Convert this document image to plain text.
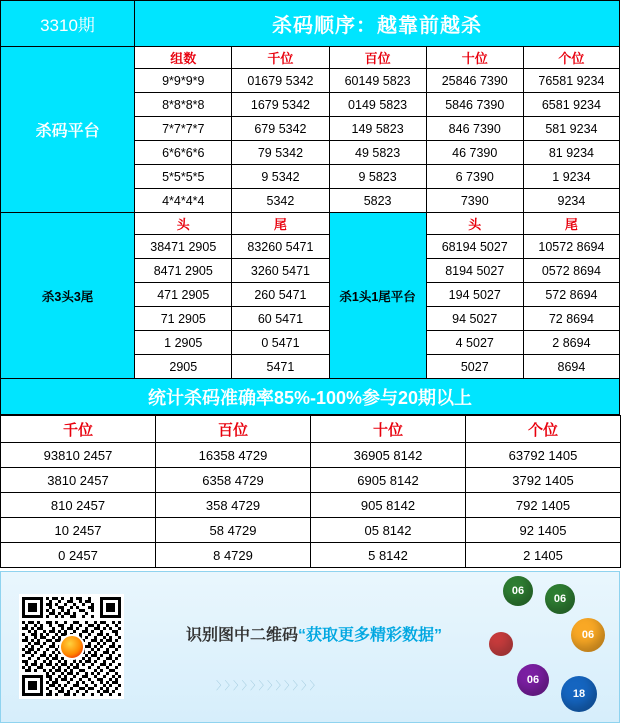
3310期	杀码顺序：越靠前越杀
杀码平台	组数	千位	百位	十位	个位
	9*9*9*9	01679 5342	60149 5823	25846 7390	76581 9234
	8*8*8*8	1679 5342	0149 5823	5846 7390	6581 9234
	7*7*7*7	679 5342	149 5823	846 7390	581 9234
	6*6*6*6	79 5342	49 5823	46 7390	81 9234
	5*5*5*5	9 5342	9 5823	6 7390	1 9234
	4*4*4*4	5342	5823	7390	9234
杀3头3尾	头	尾	杀1头1尾平台	头	尾
	38471 2905	83260 5471		68194 5027	10572 8694
	8471 2905	3260 5471		8194 5027	0572 8694
	471 2905	260 5471		194 5027	572 8694
	71 2905	60 5471		94 5027	72 8694
	1 2905	0 5471		4 5027	2 8694
	2905	5471		5027	8694
统计杀码准确率85%-100%参与20期以上
千位	百位	十位	个位
93810 2457	16358 4729	36905 8142	63792 1405
3810 2457	6358 4729	6905 8142	3792 1405
810 2457	358 4729	905 8142	792 1405
10 2457	58 4729	05 8142	92 1405
0 2457	8 4729	5 8142	2 1405
识别图中二维码“获取更多精彩数据”
〉〉〉〉〉〉〉〉〉〉〉〉
06
06
06
06
18
